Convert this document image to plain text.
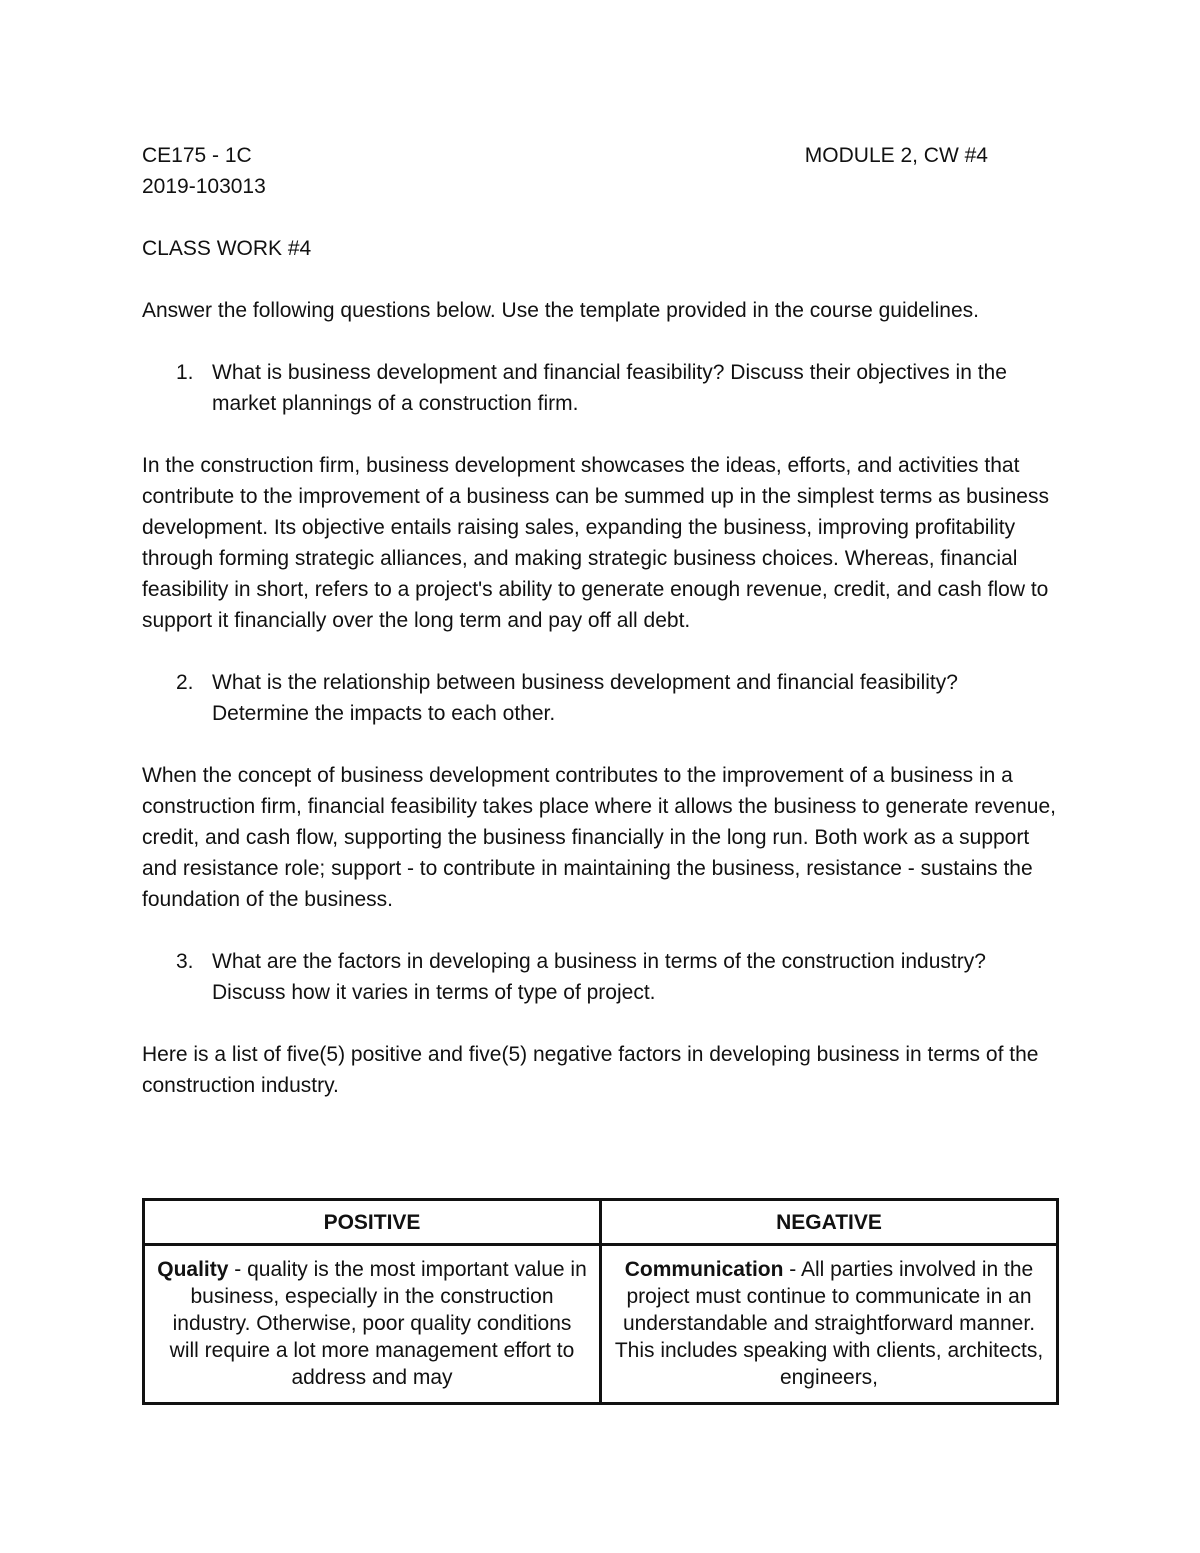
CE175 - 1C	MODULE 2, CW #4

2019-103013

CLASS WORK #4

Answer the following questions below. Use the template provided in the course guidelines.

1. What is business development and financial feasibility? Discuss their objectives in the market plannings of a construction firm.

In the construction firm, business development showcases the ideas, efforts, and activities that contribute to the improvement of a business can be summed up in the simplest terms as business development. Its objective entails raising sales, expanding the business, improving profitability through forming strategic alliances, and making strategic business choices. Whereas, financial feasibility in short, refers to a project's ability to generate enough revenue, credit, and cash flow to support it financially over the long term and pay off all debt.

2. What is the relationship between business development and financial feasibility? Determine the impacts to each other.

When the concept of business development contributes to the improvement of a business in a construction firm, financial feasibility takes place where it allows the business to generate revenue, credit, and cash flow, supporting the business financially in the long run. Both work as a support and resistance role; support - to contribute in maintaining the business, resistance - sustains the foundation of the business.

3. What are the factors in developing a business in terms of the construction industry? Discuss how it varies in terms of type of project.

Here is a list of five(5) positive and five(5) negative factors in developing business in terms of the construction industry.

POSITIVE	NEGATIVE
Quality - quality is the most important value in business, especially in the construction industry. Otherwise, poor quality conditions will require a lot more management effort to address and may	Communication - All parties involved in the project must continue to communicate in an understandable and straightforward manner. This includes speaking with clients, architects, engineers,
